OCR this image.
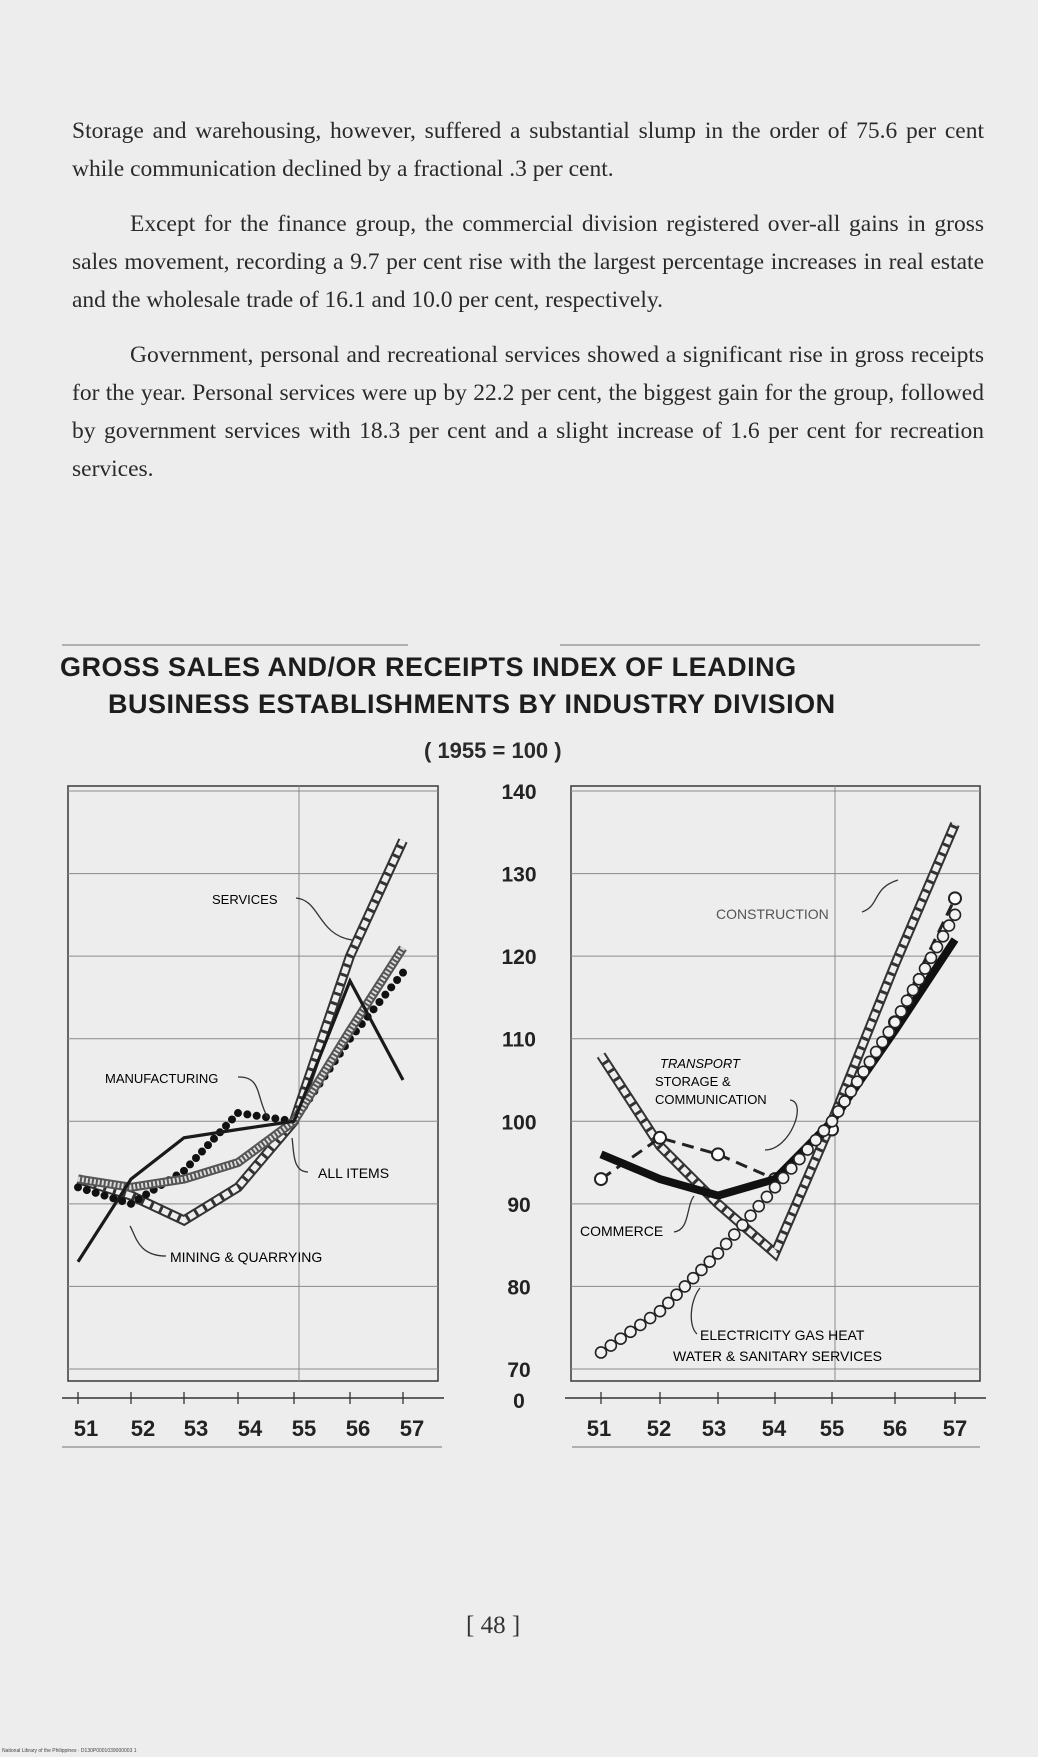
Storage and warehousing, however, suffered a substantial slump in the order of 75.6 per cent while communication declined by a fractional .3 per cent.

Except for the finance group, the commercial division registered over-all gains in gross sales movement, recording a 9.7 per cent rise with the largest percentage increases in real estate and the wholesale trade of 16.1 and 10.0 per cent, respectively.

Government, personal and recreational services showed a significant rise in gross receipts for the year. Personal services were up by 22.2 per cent, the biggest gain for the group, followed by government services with 18.3 per cent and a slight increase of 1.6 per cent for recreation services.

GROSS SALES AND/OR RECEIPTS INDEX OF LEADING
BUSINESS ESTABLISHMENTS BY INDUSTRY DIVISION
( 1955 = 100 )
140
130
120
110
100
90
80
70
0
51 52 53 54 55 56 57	51 52 53 54 55 56 57
SERVICES
MANUFACTURING
ALL ITEMS
MINING & QUARRYING
CONSTRUCTION
TRANSPORT
STORAGE &
COMMUNICATION
COMMERCE
ELECTRICITY GAS HEAT
WATER & SANITARY SERVICES
[ 48 ]
National Library of the Philippines · D130P0001039000003 1
